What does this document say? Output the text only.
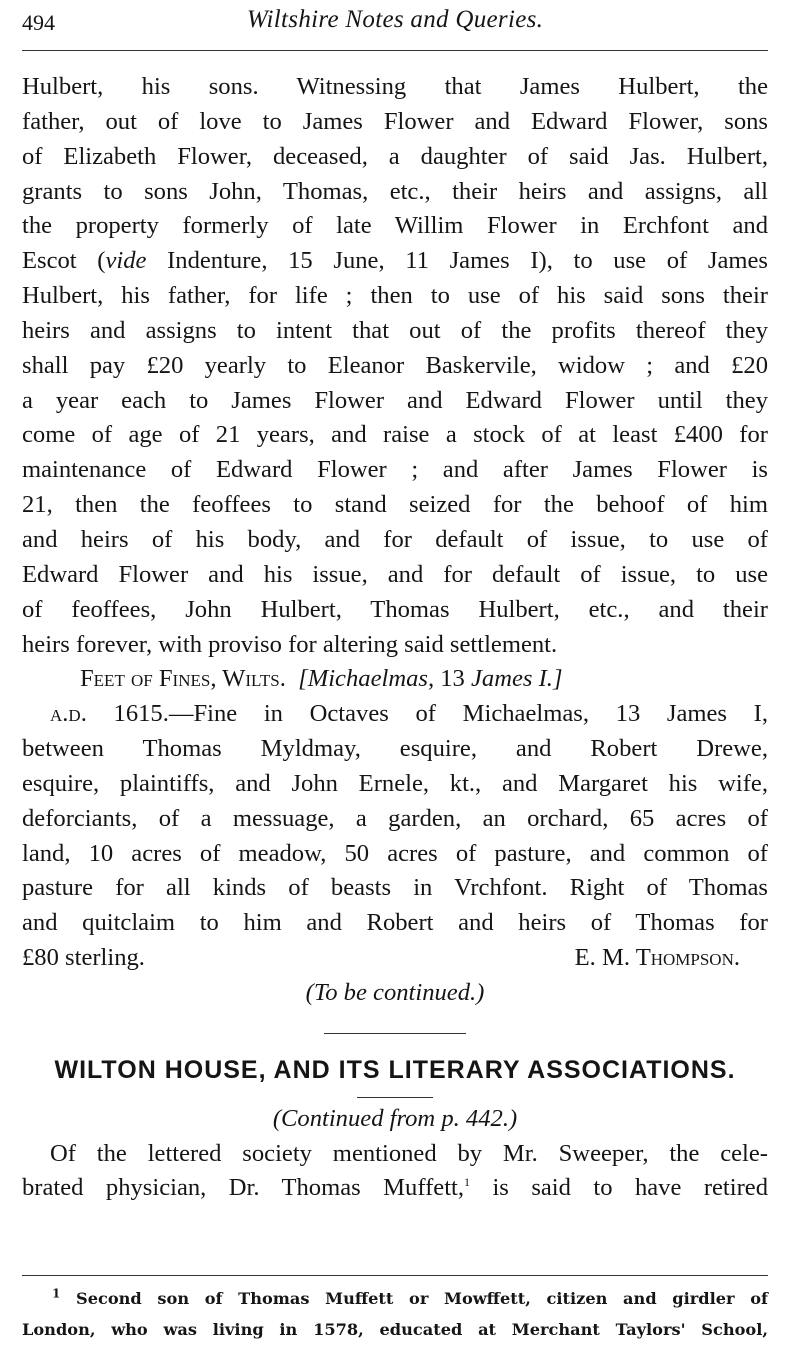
494	Wiltshire Notes and Queries.
Hulbert, his sons. Witnessing that James Hulbert, the
father, out of love to James Flower and Edward Flower, sons
of Elizabeth Flower, deceased, a daughter of said Jas. Hulbert,
grants to sons John, Thomas, etc., their heirs and assigns, all
the property formerly of late Willim Flower in Erchfont and
Escot (vide Indenture, 15 June, 11 James I), to use of James
Hulbert, his father, for life ; then to use of his said sons their
heirs and assigns to intent that out of the profits thereof they
shall pay £20 yearly to Eleanor Baskervile, widow ; and £20
a year each to James Flower and Edward Flower until they
come of age of 21 years, and raise a stock of at least £400 for
maintenance of Edward Flower ; and after James Flower is
21, then the feoffees to stand seized for the behoof of him
and heirs of his body, and for default of issue, to use of
Edward Flower and his issue, and for default of issue, to use
of feoffees, John Hulbert, Thomas Hulbert, etc., and their
heirs forever, with proviso for altering said settlement.
Feet of Fines, Wilts. [Michaelmas, 13 James I.]
a.d. 1615.—Fine in Octaves of Michaelmas, 13 James I,
between Thomas Myldmay, esquire, and Robert Drewe,
esquire, plaintiffs, and John Ernele, kt., and Margaret his wife,
deforciants, of a messuage, a garden, an orchard, 65 acres of
land, 10 acres of meadow, 50 acres of pasture, and common of
pasture for all kinds of beasts in Vrchfont. Right of Thomas
and quitclaim to him and Robert and heirs of Thomas for
£80 sterling.	E. M. Thompson.
(To be continued.)
WILTON HOUSE, AND ITS LITERARY ASSOCIATIONS.
(Continued from p. 442.)
Of the lettered society mentioned by Mr. Sweeper, the cele-
brated physician, Dr. Thomas Muffett,$^1$ is said to have retired
$^1$ Second son of Thomas Muffett or Mowffett, citizen and girdler of
London, who was living in 1578, educated at Merchant Taylors' School,
